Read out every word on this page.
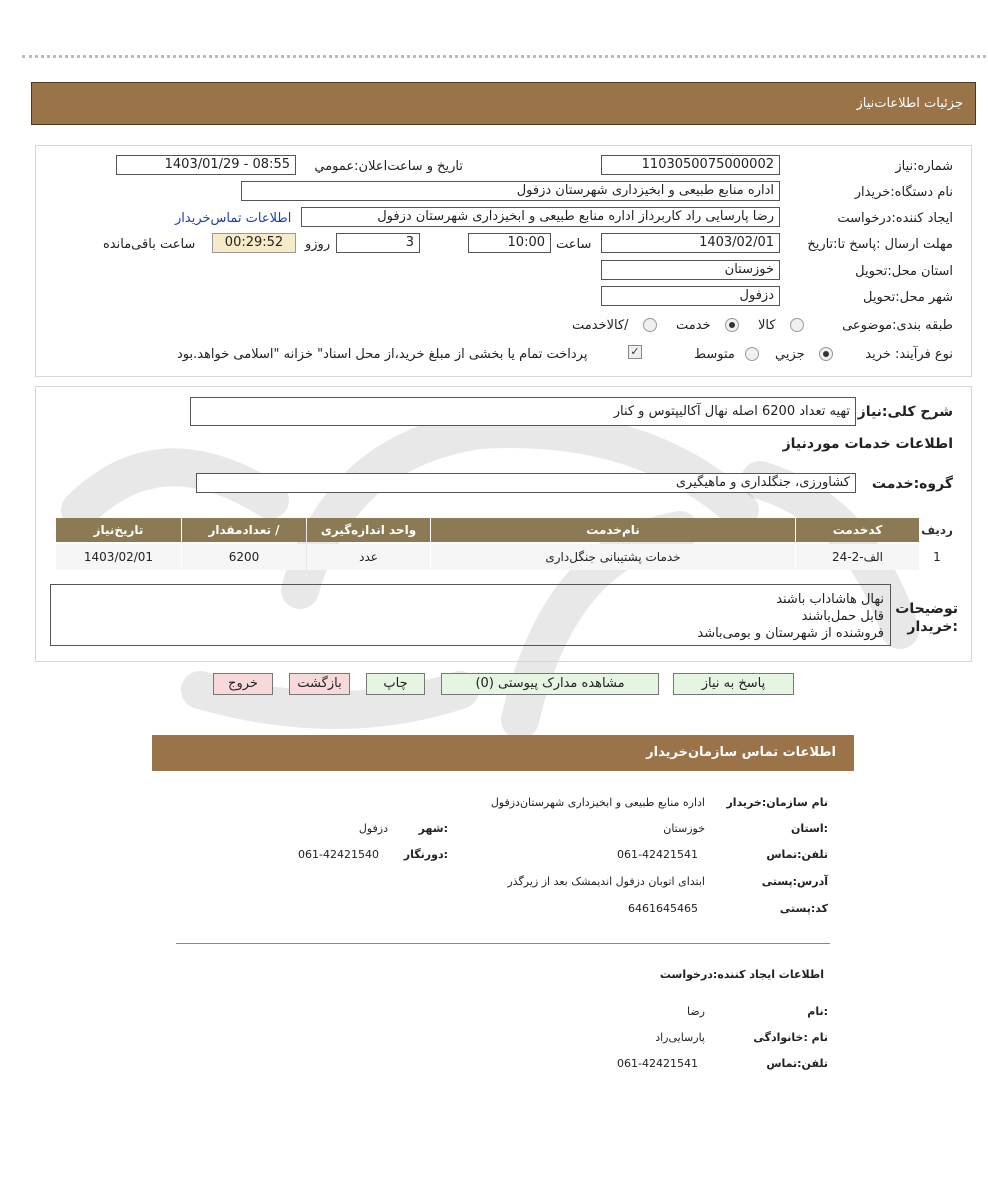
جزئیات اطلاعات‌نیاز
شماره:نیاز
1103050075000002
تاریخ و ساعت‌اعلان:عمومي
1403/01/29 - 08:55
نام دستگاه:خریدار
اداره منابع طبیعی و ابخیزداری شهرستان دزفول
ایجاد کننده:درخواست
رضا پارسایی راد کاربرداز اداره منابع طبیعی و ابخیزداری شهرستان دزفول
اطلاعات تماس‌خریدار
مهلت ارسال :پاسخ تا:تاریخ
1403/02/01
ساعت
10:00
3
روزو
00:29:52
ساعت باقی‌مانده
استان محل:تحویل
خوزستان
شهر محل:تحویل
دزفول
طبقه بندی:موضوعی
کالا
خدمت
/کالاخدمت
نوع فرآیند: خرید
جزیي
متوسط
✓
پرداخت تمام یا بخشی از مبلغ خرید،از محل اسناد" خزانه "اسلامی خواهد.بود
شرح کلی:نیاز
تهیه تعداد 6200 اصله نهال آکالیپتوس و کنار
اطلاعات خدمات موردنیاز
گروه:خدمت
کشاورزی، جنگلداری و ماهیگیری
ردیف
کدخدمت
نام‌خدمت
واحد اندازه‌گیری
/ تعدادمقدار
تاریخ‌نیاز
1
الف-2-24
خدمات پشتیبانی جنگل‌داری
عدد
6200
1403/02/01
توضیحات :خریدار
نهال هاشاداب باشند
قابل حمل‌باشند
فروشنده از شهرستان و بومی‌باشد
پاسخ به نیاز
مشاهده مدارک پیوستی (0)
چاپ
بازگشت
خروج
اطلاعات تماس سازمان‌خریدار
نام سازمان:خریدار
اداره منابع طبیعی و ابخیزداری شهرستان‌دزفول
:استان
خوزستان
:شهر
دزفول
تلفن:تماس
061-42421541
:دورنگار
061-42421540
آدرس:پستی
ابتدای اتوبان دزفول اندیمشک بعد از زیرگذر
کد:پستی
6461645465
اطلاعات ایجاد کننده:درخواست
:نام
رضا
نام :خانوادگی
پارسایی‌راد
تلفن:تماس
061-42421541
